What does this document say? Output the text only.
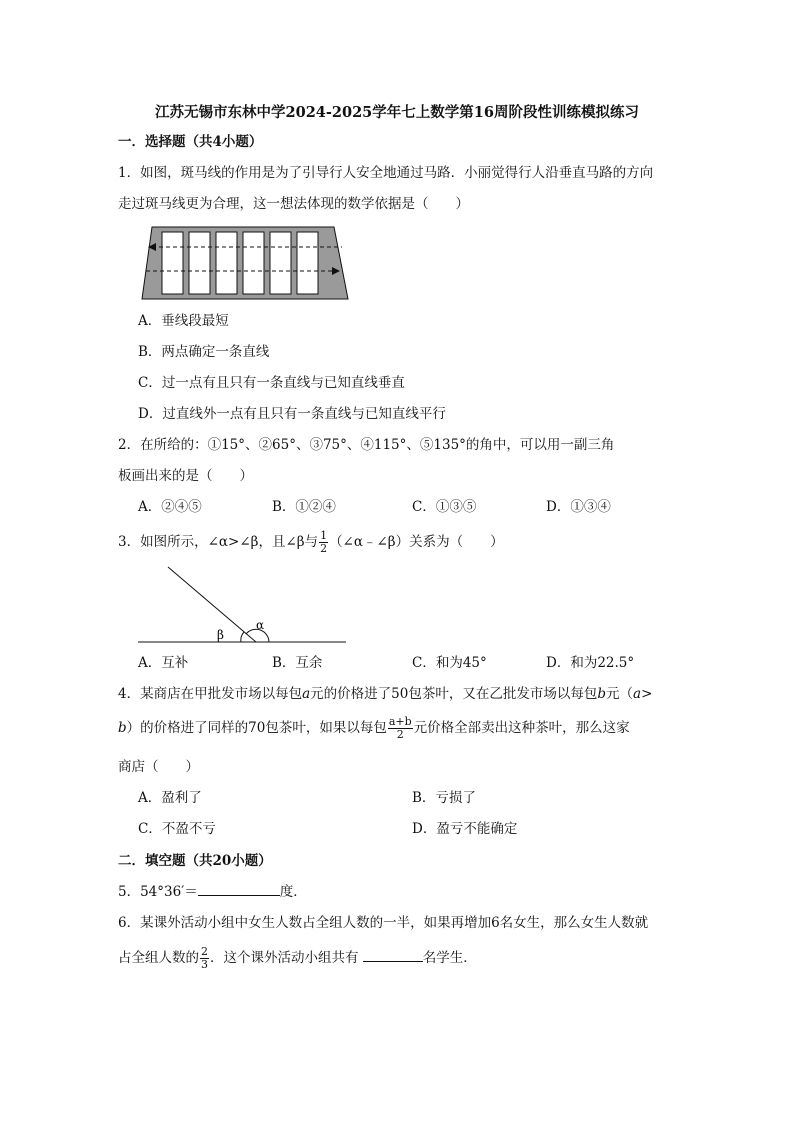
江苏无锡市东林中学2024-2025学年七上数学第16周阶段性训练模拟练习
一．选择题（共4小题）
1．如图，斑马线的作用是为了引导行人安全地通过马路．小丽觉得行人沿垂直马路的方向
走过斑马线更为合理，这一想法体现的数学依据是（　　）
A．垂线段最短
B．两点确定一条直线
C．过一点有且只有一条直线与已知直线垂直
D．过直线外一点有且只有一条直线与已知直线平行
2．在所给的：①15°、②65°、③75°、④115°、⑤135°的角中，可以用一副三角
板画出来的是（　　）
A．②④⑤	B．①②④	C．①③⑤	D．①③④
3．如图所示，∠α>∠β，且∠β与 $\frac{1}{2}$ （∠α﹣∠β）关系为（　　）
β
α
A．互补	B．互余	C．和为45°	D．和为22.5°
4．某商店在甲批发市场以每包a元的价格进了50包茶叶，又在乙批发市场以每包b元（a>
b）的价格进了同样的70包茶叶，如果以每包 $\frac{a+b}{2}$ 元价格全部卖出这种茶叶，那么这家
商店（　　）
A．盈利了	B．亏损了
C．不盈不亏	D．盈亏不能确定
二．填空题（共20小题）
5．54°36′＝	度．
6．某课外活动小组中女生人数占全组人数的一半，如果再增加6名女生，那么女生人数就
占全组人数的 $\frac{2}{3}$ ．这个课外活动小组共有	名学生．
